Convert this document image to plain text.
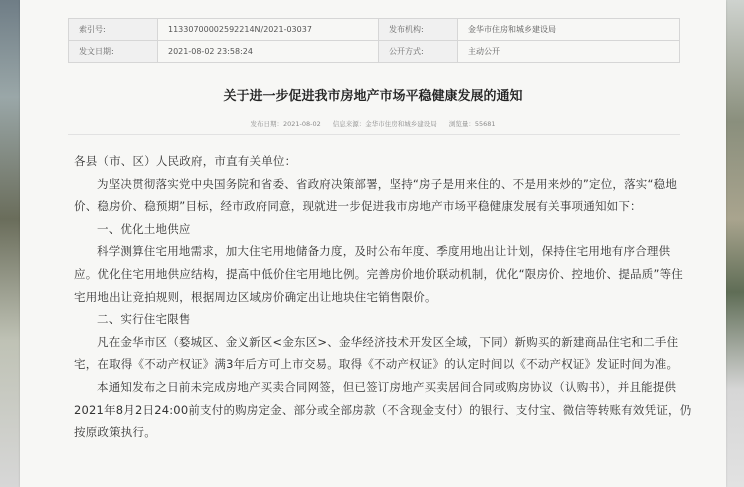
索引号:	11330700002592214N/2021-03037	发布机构:	金华市住房和城乡建设局
发文日期:	2021-08-02 23:58:24	公开方式:	主动公开
关于进一步促进我市房地产市场平稳健康发展的通知
发布日期：2021-08-02 信息来源：金华市住房和城乡建设局 浏览量：55681

各县（市、区）人民政府，市直有关单位：

为坚决贯彻落实党中央国务院和省委、省政府决策部署，坚持“房子是用来住的、不是用来炒的”定位，落实“稳地价、稳房价、稳预期”目标，经市政府同意，现就进一步促进我市房地产市场平稳健康发展有关事项通知如下：

一、优化土地供应

科学测算住宅用地需求，加大住宅用地储备力度，及时公布年度、季度用地出让计划，保持住宅用地有序合理供应。优化住宅用地供应结构，提高中低价住宅用地比例。完善房价地价联动机制，优化“限房价、控地价、提品质”等住宅用地出让竞拍规则，根据周边区域房价确定出让地块住宅销售限价。

二、实行住宅限售

凡在金华市区（婺城区、金义新区<金东区>、金华经济技术开发区全域，下同）新购买的新建商品住宅和二手住宅，在取得《不动产权证》满3年后方可上市交易。取得《不动产权证》的认定时间以《不动产权证》发证时间为准。

本通知发布之日前未完成房地产买卖合同网签，但已签订房地产买卖居间合同或购房协议（认购书），并且能提供2021年8月2日24:00前支付的购房定金、部分或全部房款（不含现金支付）的银行、支付宝、微信等转账有效凭证，仍按原政策执行。
